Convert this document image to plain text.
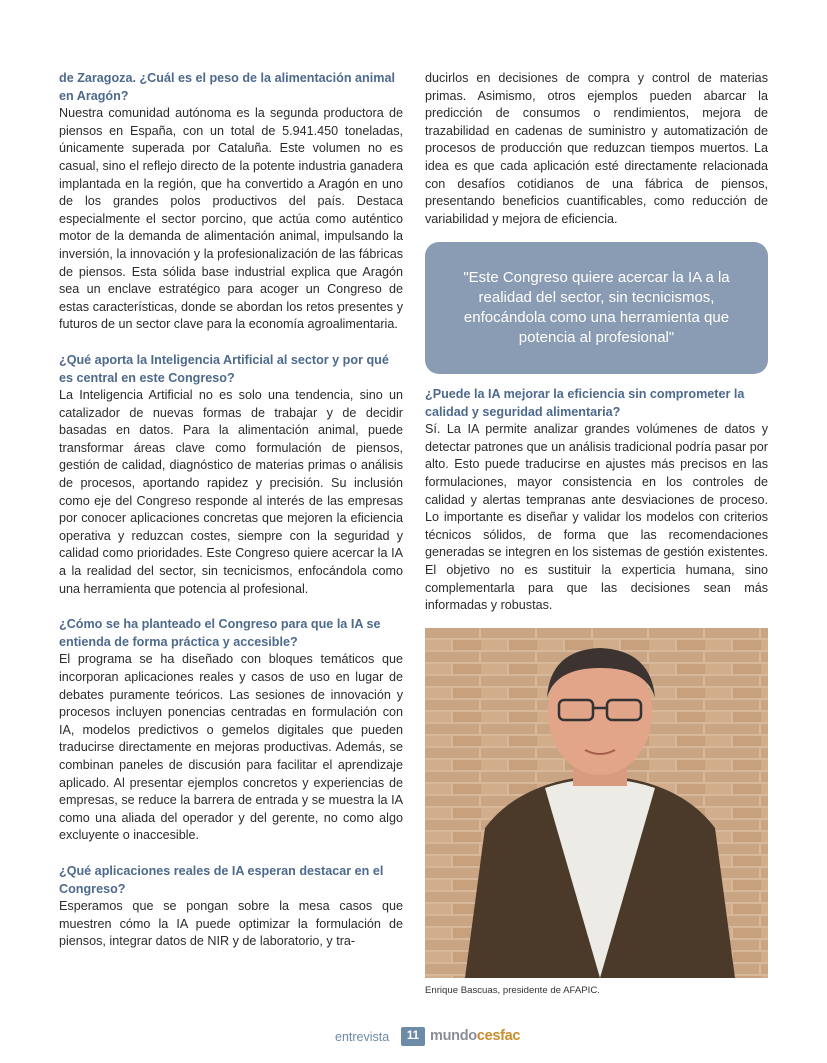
de Zaragoza. ¿Cuál es el peso de la alimentación animal en Aragón?

Nuestra comunidad autónoma es la segunda productora de piensos en España, con un total de 5.941.450 toneladas, únicamente superada por Cataluña. Este volumen no es casual, sino el reflejo directo de la potente industria ganadera implantada en la región, que ha convertido a Aragón en uno de los grandes polos productivos del país. Destaca especialmente el sector porcino, que actúa como auténtico motor de la demanda de alimentación animal, impulsando la inversión, la innovación y la profesionalización de las fábricas de piensos. Esta sólida base industrial explica que Aragón sea un enclave estratégico para acoger un Congreso de estas características, donde se abordan los retos presentes y futuros de un sector clave para la economía agroalimentaria.

¿Qué aporta la Inteligencia Artificial al sector y por qué es central en este Congreso?

La Inteligencia Artificial no es solo una tendencia, sino un catalizador de nuevas formas de trabajar y de decidir basadas en datos. Para la alimentación animal, puede transformar áreas clave como formulación de piensos, gestión de calidad, diagnóstico de materias primas o análisis de procesos, aportando rapidez y precisión. Su inclusión como eje del Congreso responde al interés de las empresas por conocer aplicaciones concretas que mejoren la eficiencia operativa y reduzcan costes, siempre con la seguridad y calidad como prioridades. Este Congreso quiere acercar la IA a la realidad del sector, sin tecnicismos, enfocándola como una herramienta que potencia al profesional.

¿Cómo se ha planteado el Congreso para que la IA se entienda de forma práctica y accesible?

El programa se ha diseñado con bloques temáticos que incorporan aplicaciones reales y casos de uso en lugar de debates puramente teóricos. Las sesiones de innovación y procesos incluyen ponencias centradas en formulación con IA, modelos predictivos o gemelos digitales que pueden traducirse directamente en mejoras productivas. Además, se combinan paneles de discusión para facilitar el aprendizaje aplicado. Al presentar ejemplos concretos y experiencias de empresas, se reduce la barrera de entrada y se muestra la IA como una aliada del operador y del gerente, no como algo excluyente o inaccesible.

¿Qué aplicaciones reales de IA esperan destacar en el Congreso?

Esperamos que se pongan sobre la mesa casos que muestren cómo la IA puede optimizar la formulación de piensos, integrar datos de NIR y de laboratorio, y tra-

ducirlos en decisiones de compra y control de materias primas. Asimismo, otros ejemplos pueden abarcar la predicción de consumos o rendimientos, mejora de trazabilidad en cadenas de suministro y automatización de procesos de producción que reduzcan tiempos muertos. La idea es que cada aplicación esté directamente relacionada con desafíos cotidianos de una fábrica de piensos, presentando beneficios cuantificables, como reducción de variabilidad y mejora de eficiencia.

"Este Congreso quiere acercar la IA a la realidad del sector, sin tecnicismos, enfocándola como una herramienta que potencia al profesional"

¿Puede la IA mejorar la eficiencia sin comprometer la calidad y seguridad alimentaria?

Sí. La IA permite analizar grandes volúmenes de datos y detectar patrones que un análisis tradicional podría pasar por alto. Esto puede traducirse en ajustes más precisos en las formulaciones, mayor consistencia en los controles de calidad y alertas tempranas ante desviaciones de proceso. Lo importante es diseñar y validar los modelos con criterios técnicos sólidos, de forma que las recomendaciones generadas se integren en los sistemas de gestión existentes. El objetivo no es sustituir la experticia humana, sino complementarla para que las decisiones sean más informadas y robustas.

Enrique Bascuas, presidente de AFAPIC.
entrevista	11 mundocesfac
